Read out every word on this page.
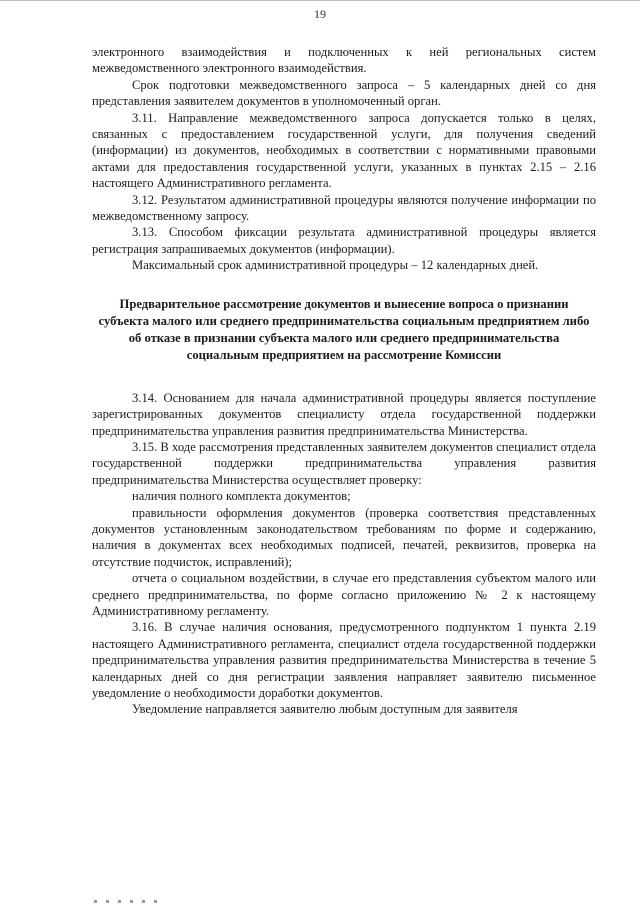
19
электронного взаимодействия и подключенных к ней региональных систем межведомственного электронного взаимодействия.
Срок подготовки межведомственного запроса – 5 календарных дней со дня представления заявителем документов в уполномоченный орган.
3.11. Направление межведомственного запроса допускается только в целях, связанных с предоставлением государственной услуги, для получения сведений (информации) из документов, необходимых в соответствии с нормативными правовыми актами для предоставления государственной услуги, указанных в пунктах 2.15 – 2.16 настоящего Административного регламента.
3.12. Результатом административной процедуры являются получение информации по межведомственному запросу.
3.13. Способом фиксации результата административной процедуры является регистрация запрашиваемых документов (информации).
Максимальный срок административной процедуры – 12 календарных дней.
Предварительное рассмотрение документов и вынесение вопроса о признании субъекта малого или среднего предпринимательства социальным предприятием либо об отказе в признании субъекта малого или среднего предпринимательства социальным предприятием на рассмотрение Комиссии
3.14. Основанием для начала административной процедуры является поступление зарегистрированных документов специалисту отдела государственной поддержки предпринимательства управления развития предпринимательства Министерства.
3.15. В ходе рассмотрения представленных заявителем документов специалист отдела государственной поддержки предпринимательства управления развития предпринимательства Министерства осуществляет проверку:
наличия полного комплекта документов;
правильности оформления документов (проверка соответствия представленных документов установленным законодательством требованиям по форме и содержанию, наличия в документах всех необходимых подписей, печатей, реквизитов, проверка на отсутствие подчисток, исправлений);
отчета о социальном воздействии, в случае его представления субъектом малого или среднего предпринимательства, по форме согласно приложению № 2 к настоящему Административному регламенту.
3.16. В случае наличия основания, предусмотренного подпунктом 1 пункта 2.19 настоящего Административного регламента, специалист отдела государственной поддержки предпринимательства управления развития предпринимательства Министерства в течение 5 календарных дней со дня регистрации заявления направляет заявителю письменное уведомление о необходимости доработки документов.
Уведомление направляется заявителю любым доступным для заявителя
